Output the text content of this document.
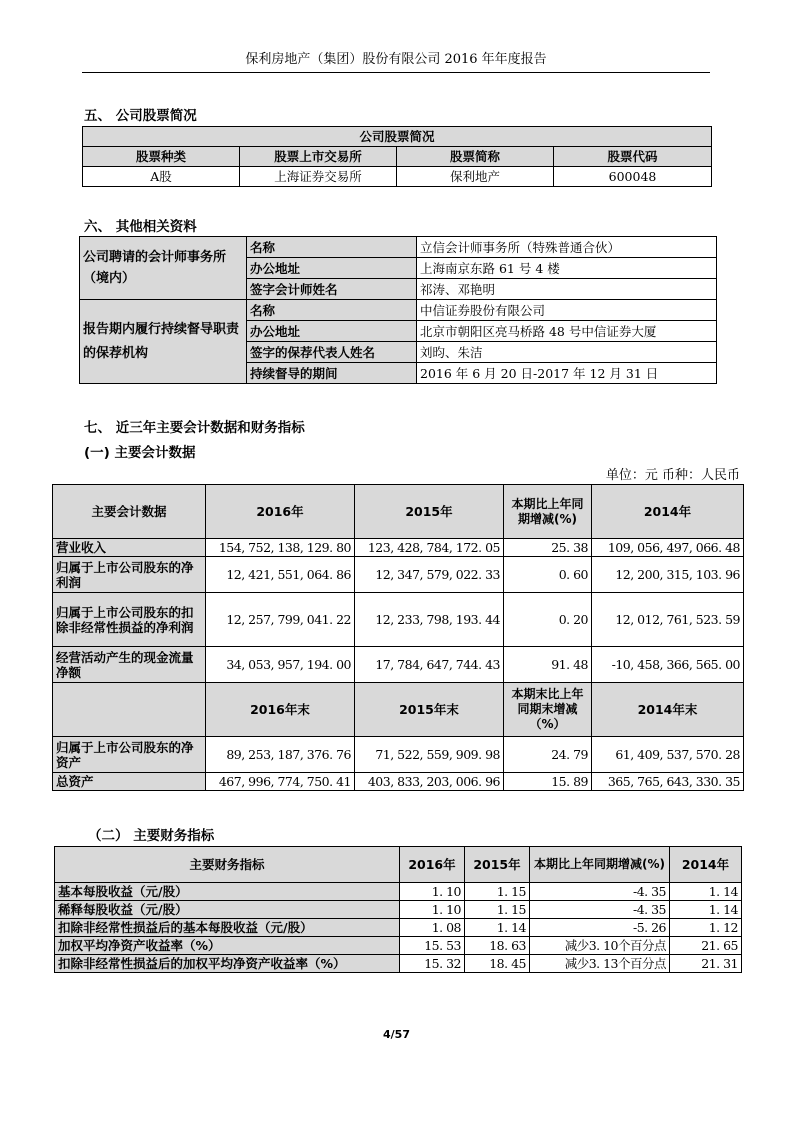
保利房地产（集团）股份有限公司 2016 年年度报告
五、 公司股票简况
公司股票简况			
股票种类	股票上市交易所	股票简称	股票代码
A股	上海证券交易所	保利地产	600048
六、 其他相关资料
公司聘请的会计师事务所（境内）	名称	立信会计师事务所（特殊普通合伙）
	办公地址	上海南京东路 61 号 4 楼
	签字会计师姓名	祁涛、邓艳明
报告期内履行持续督导职责的保荐机构	名称	中信证券股份有限公司
	办公地址	北京市朝阳区亮马桥路 48 号中信证券大厦
	签字的保荐代表人姓名	刘昀、朱洁
	持续督导的期间	2016 年 6 月 20 日-2017 年 12 月 31 日
七、 近三年主要会计数据和财务指标
(一) 主要会计数据
单位：元 币种：人民币
主要会计数据	2016年	2015年	本期比上年同期增减(%)	2014年
营业收入	154, 752, 138, 129. 80	123, 428, 784, 172. 05	25. 38	109, 056, 497, 066. 48
归属于上市公司股东的净利润	12, 421, 551, 064. 86	12, 347, 579, 022. 33	0. 60	12, 200, 315, 103. 96
归属于上市公司股东的扣除非经常性损益的净利润	12, 257, 799, 041. 22	12, 233, 798, 193. 44	0. 20	12, 012, 761, 523. 59
经营活动产生的现金流量净额	34, 053, 957, 194. 00	17, 784, 647, 744. 43	91. 48	-10, 458, 366, 565. 00
	2016年末	2015年末	本期末比上年同期末增减（%）	2014年末
归属于上市公司股东的净资产	89, 253, 187, 376. 76	71, 522, 559, 909. 98	24. 79	61, 409, 537, 570. 28
总资产	467, 996, 774, 750. 41	403, 833, 203, 006. 96	15. 89	365, 765, 643, 330. 35
（二） 主要财务指标
主要财务指标	2016年	2015年	本期比上年同期增减(%)	2014年
基本每股收益（元/股）	1. 10	1. 15	-4. 35	1. 14
稀释每股收益（元/股）	1. 10	1. 15	-4. 35	1. 14
扣除非经常性损益后的基本每股收益（元/股）	1. 08	1. 14	-5. 26	1. 12
加权平均净资产收益率（%）	15. 53	18. 63	减少3. 10个百分点	21. 65
扣除非经常性损益后的加权平均净资产收益率（%）	15. 32	18. 45	减少3. 13个百分点	21. 31
4/57
